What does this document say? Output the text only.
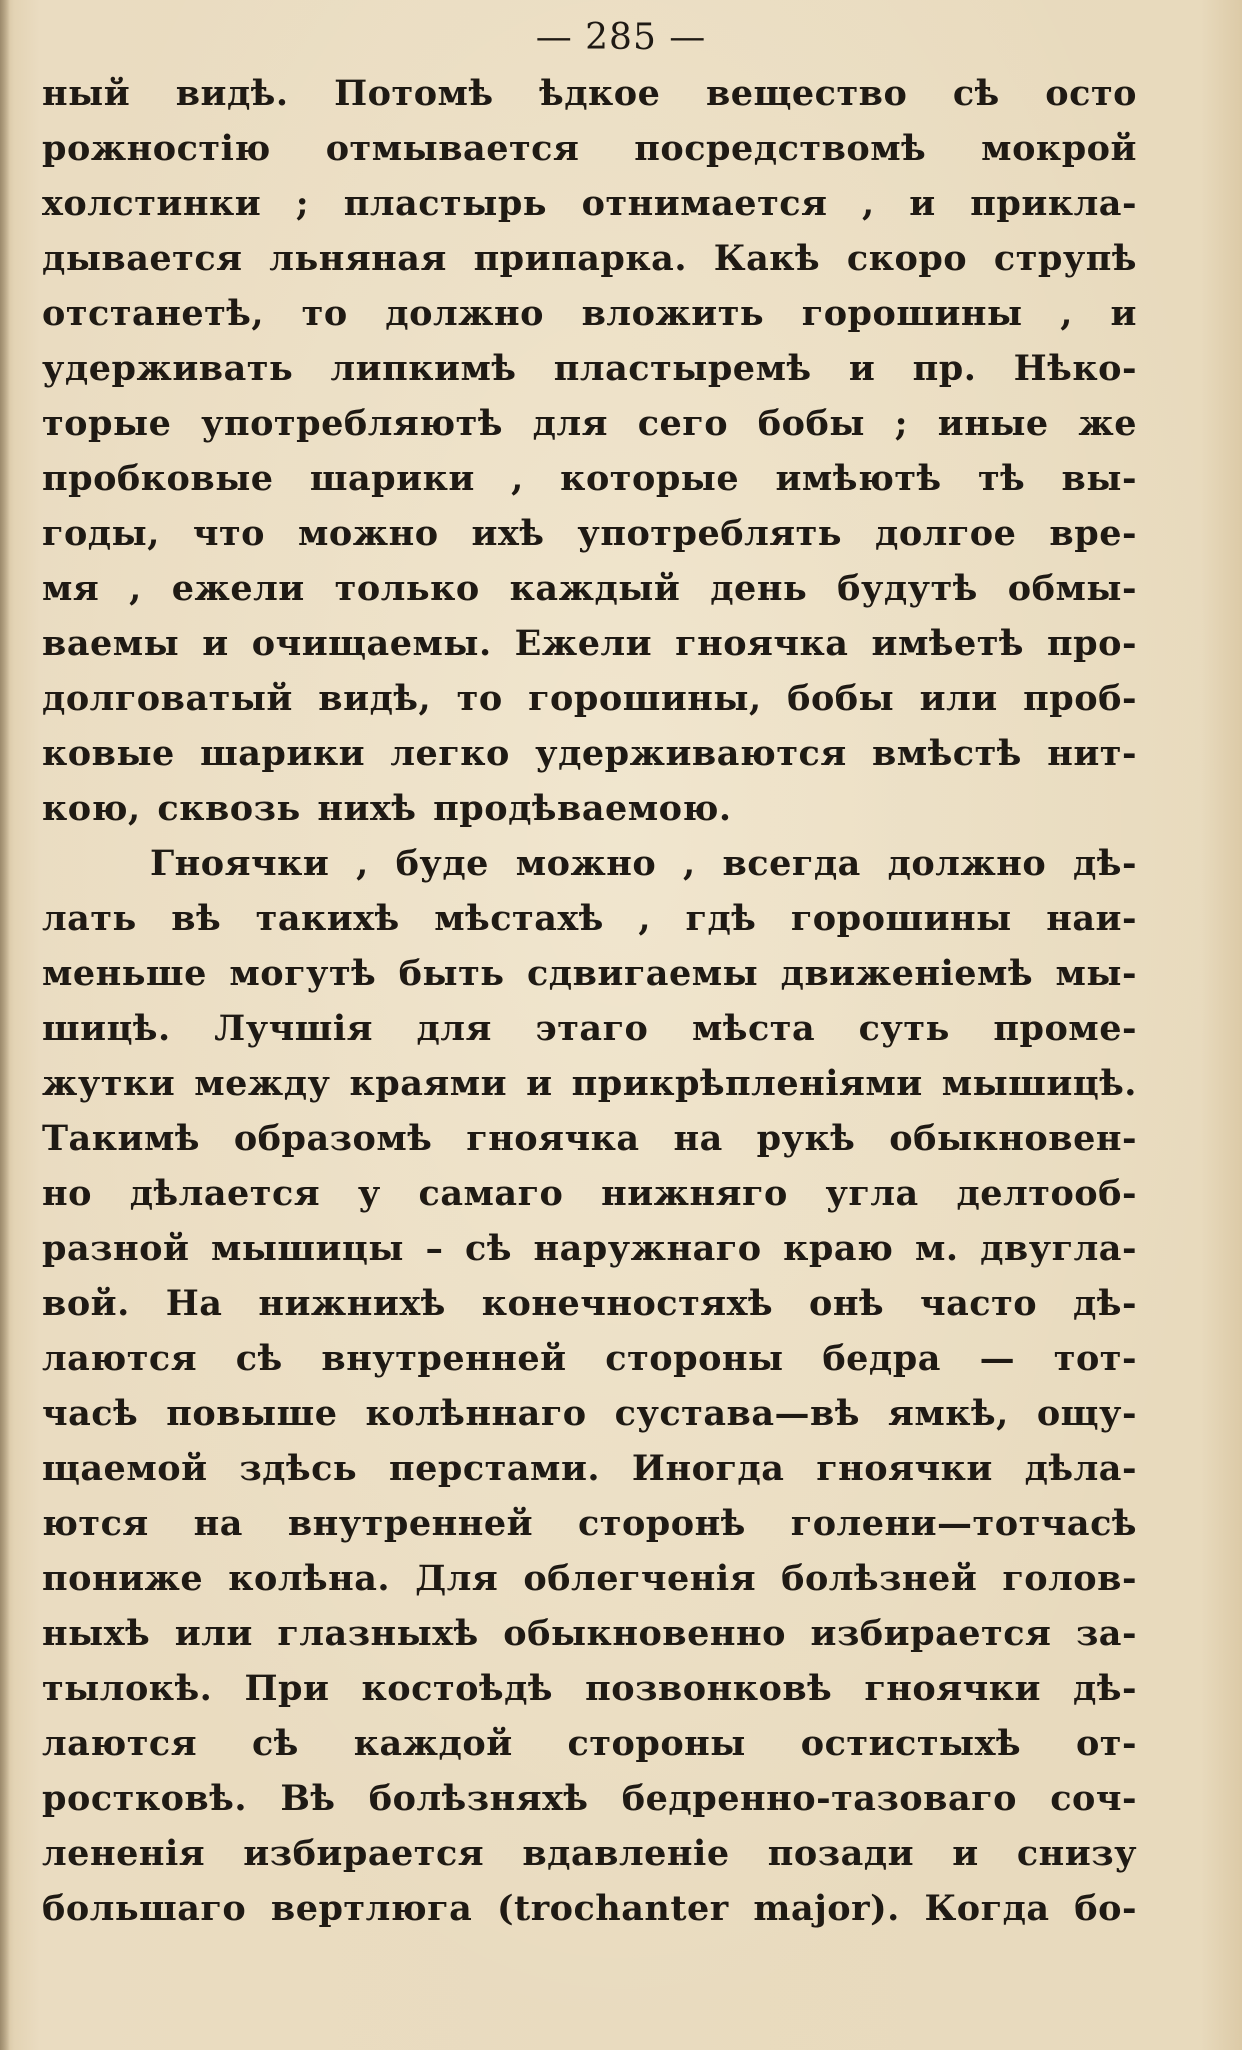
— 285 —
ный видѣ. Потомѣ ѣдкое вещество сѣ осто
рожностію отмывается посредствомѣ мокрой
холстинки ; пластырь отнимается , и прикла-
дывается льняная припарка. Какѣ скоро струпѣ
отстанетѣ, то должно вложить горошины , и
удерживать липкимѣ пластыремѣ и пр. Нѣко-
торые употребляютѣ для сего бобы ; иные же
пробковые шарики , которые имѣютѣ тѣ вы-
годы, что можно ихѣ употреблять долгое вре-
мя , ежели только каждый день будутѣ обмы-
ваемы и очищаемы. Ежели гноячка имѣетѣ про-
долговатый видѣ, то горошины, бобы или проб-
ковые шарики легко удерживаются вмѣстѣ нит-
кою, сквозь нихѣ продѣваемою.
Гноячки , буде можно , всегда должно дѣ-
лать вѣ такихѣ мѣстахѣ , гдѣ горошины наи-
меньше могутѣ быть сдвигаемы движеніемѣ мы-
шицѣ. Лучшія для этаго мѣста суть проме-
жутки между краями и прикрѣпленіями мышицѣ.
Такимѣ образомѣ гноячка на рукѣ обыкновен-
но дѣлается у самаго нижняго угла делтооб-
разной мышицы – сѣ наружнаго краю м. двугла-
вой. На нижнихѣ конечностяхѣ онѣ часто дѣ-
лаются сѣ внутренней стороны бедра — тот-
часѣ повыше колѣннаго сустава—вѣ ямкѣ, ощу-
щаемой здѣсь перстами. Иногда гноячки дѣла-
ются на внутренней сторонѣ голени—тотчасѣ
пониже колѣна. Для облегченія болѣзней голов-
ныхѣ или глазныхѣ обыкновенно избирается за-
тылокѣ. При костоѣдѣ позвонковѣ гноячки дѣ-
лаются сѣ каждой стороны остистыхѣ от-
ростковѣ. Вѣ болѣзняхѣ бедренно-тазоваго соч-
лененія избирается вдавленіе позади и снизу
большаго вертлюга (trochanter major). Когда бо-
